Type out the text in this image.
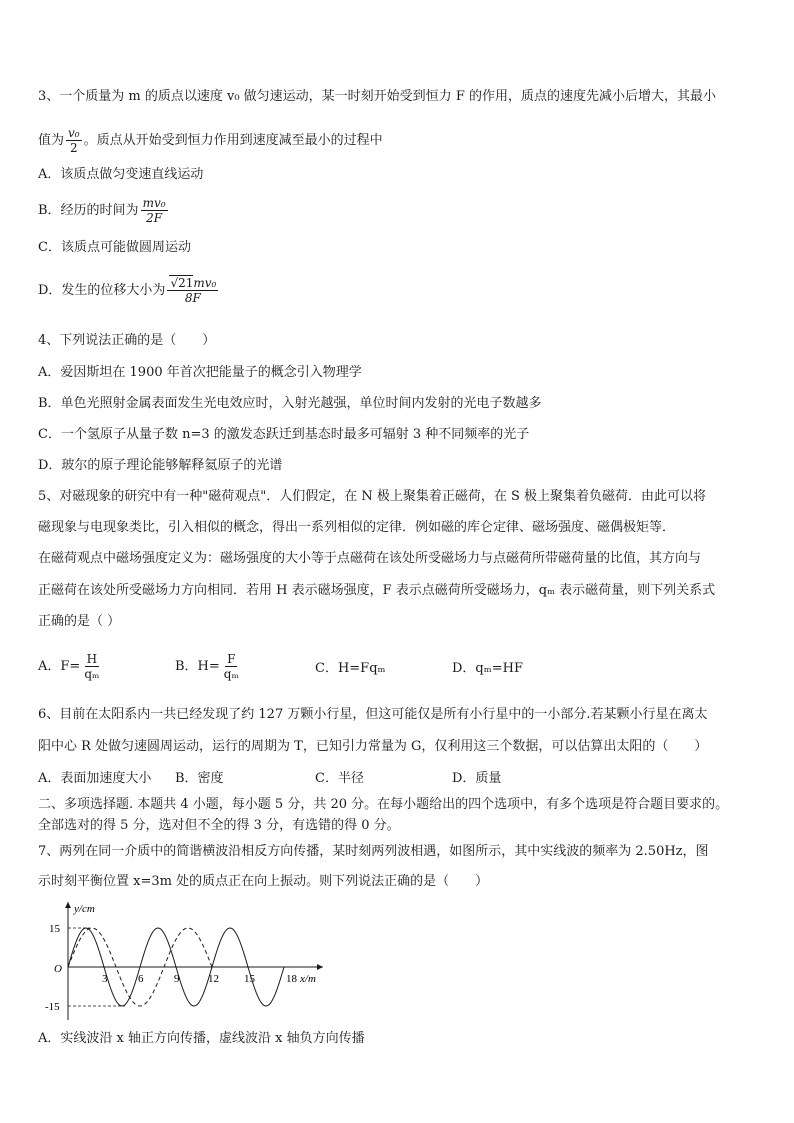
3、一个质量为 m 的质点以速度 v₀ 做匀速运动，某一时刻开始受到恒力 F 的作用，质点的速度先减小后增大，其最小
值为 $\frac{\text{v₀}}{2}$ 。质点从开始受到恒力作用到速度减至最小的过程中
A．该质点做匀变速直线运动
B．经历的时间为 $\frac{\text{mv₀}}{2F}$
C．该质点可能做圆周运动
D．发生的位移大小为 $\frac{\text{√21mv₀}}{8F}$
4、下列说法正确的是（　　）
A．爱因斯坦在 1900 年首次把能量子的概念引入物理学
B．单色光照射金属表面发生光电效应时，入射光越强，单位时间内发射的光电子数越多
C．一个氢原子从量子数 n=3 的激发态跃迁到基态时最多可辐射 3 种不同频率的光子
D．玻尔的原子理论能够解释氦原子的光谱
5、对磁现象的研究中有一种"磁荷观点"．人们假定，在 N 极上聚集着正磁荷，在 S 极上聚集着负磁荷．由此可以将
磁现象与电现象类比，引入相似的概念，得出一系列相似的定律．例如磁的库仑定律、磁场强度、磁偶极矩等．
在磁荷观点中磁场强度定义为：磁场强度的大小等于点磁荷在该处所受磁场力与点磁荷所带磁荷量的比值，其方向与
正磁荷在该处所受磁场力方向相同．若用 H 表示磁场强度，F 表示点磁荷所受磁场力，qₘ 表示磁荷量，则下列关系式
正确的是（ ）
A．$F= \frac{H}{\text{qₘ}}$	B．$H= \frac{F}{\text{qₘ}}$	C．H=Fqₘ	D．qₘ=HF
6、目前在太阳系内一共已经发现了约 127 万颗小行星，但这可能仅是所有小行星中的一小部分.若某颗小行星在离太
阳中心 R 处做匀速圆周运动，运行的周期为 T，已知引力常量为 G，仅利用这三个数据，可以估算出太阳的（　　）
A．表面加速度大小 B．密度	C．半径	D．质量
二、多项选择题. 本题共 4 小题，每小题 5 分，共 20 分。在每小题给出的四个选项中，有多个选项是符合题目要求的。
全部选对的得 5 分，选对但不全的得 3 分，有选错的得 0 分。
7、两列在同一介质中的简谐横波沿相反方向传播，某时刻两列波相遇，如图所示，其中实线波的频率为 2.50Hz，图
示时刻平衡位置 x=3m 处的质点正在向上振动。则下列说法正确的是（　　）
y/cm
x/m
O
15
-15
3	6	9	12 15	18
A．实线波沿 x 轴正方向传播，虚线波沿 x 轴负方向传播
